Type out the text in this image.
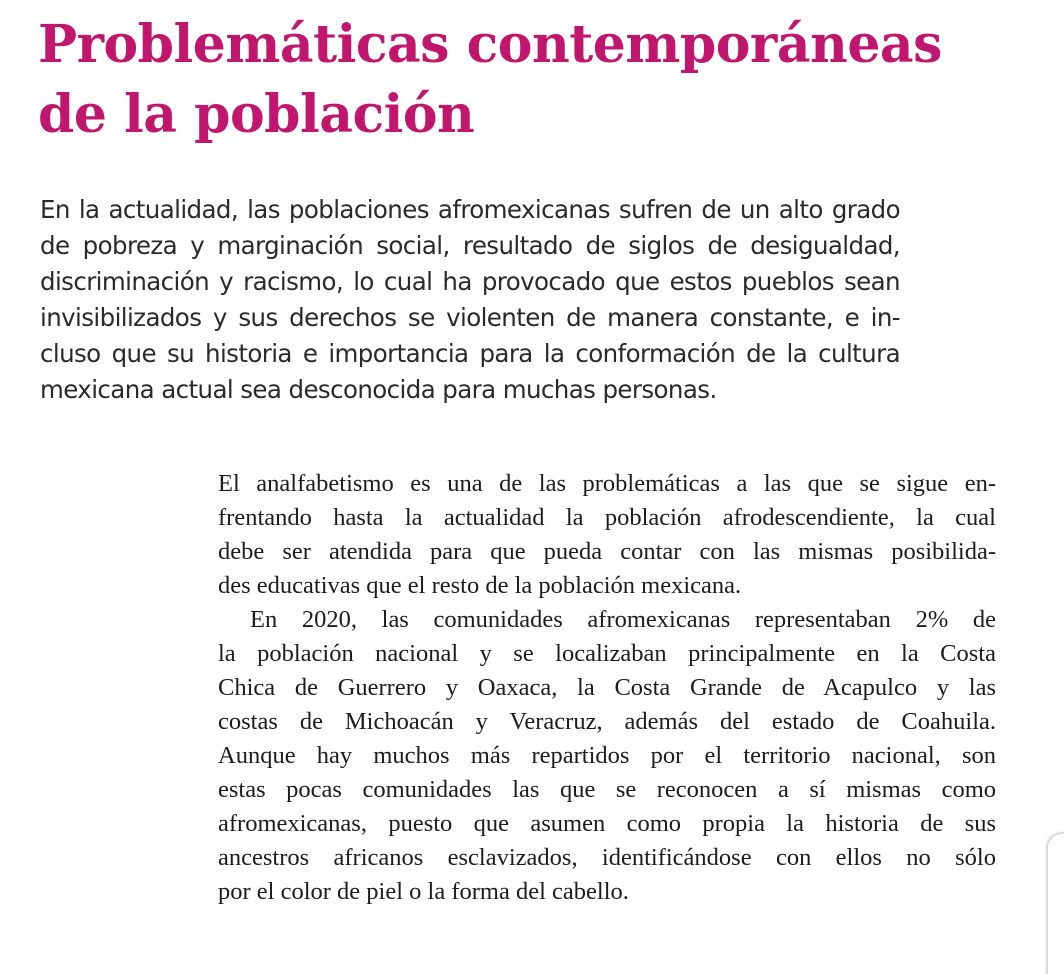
Problemáticas contemporáneas
de la población

En la actualidad, las poblaciones afromexicanas sufren de un alto grado
de pobreza y marginación social, resultado de siglos de desigualdad,
discriminación y racismo, lo cual ha provocado que estos pueblos sean
invisibilizados y sus derechos se violenten de manera constante, e in-
cluso que su historia e importancia para la conformación de la cultura
mexicana actual sea desconocida para muchas personas.

El analfabetismo es una de las problemáticas a las que se sigue en-
frentando hasta la actualidad la población afrodescendiente, la cual
debe ser atendida para que pueda contar con las mismas posibilida-
des educativas que el resto de la población mexicana.

En 2020, las comunidades afromexicanas representaban 2% de
la población nacional y se localizaban principalmente en la Costa
Chica de Guerrero y Oaxaca, la Costa Grande de Acapulco y las
costas de Michoacán y Veracruz, además del estado de Coahuila.
Aunque hay muchos más repartidos por el territorio nacional, son
estas pocas comunidades las que se reconocen a sí mismas como
afromexicanas, puesto que asumen como propia la historia de sus
ancestros africanos esclavizados, identificándose con ellos no sólo
por el color de piel o la forma del cabello.
